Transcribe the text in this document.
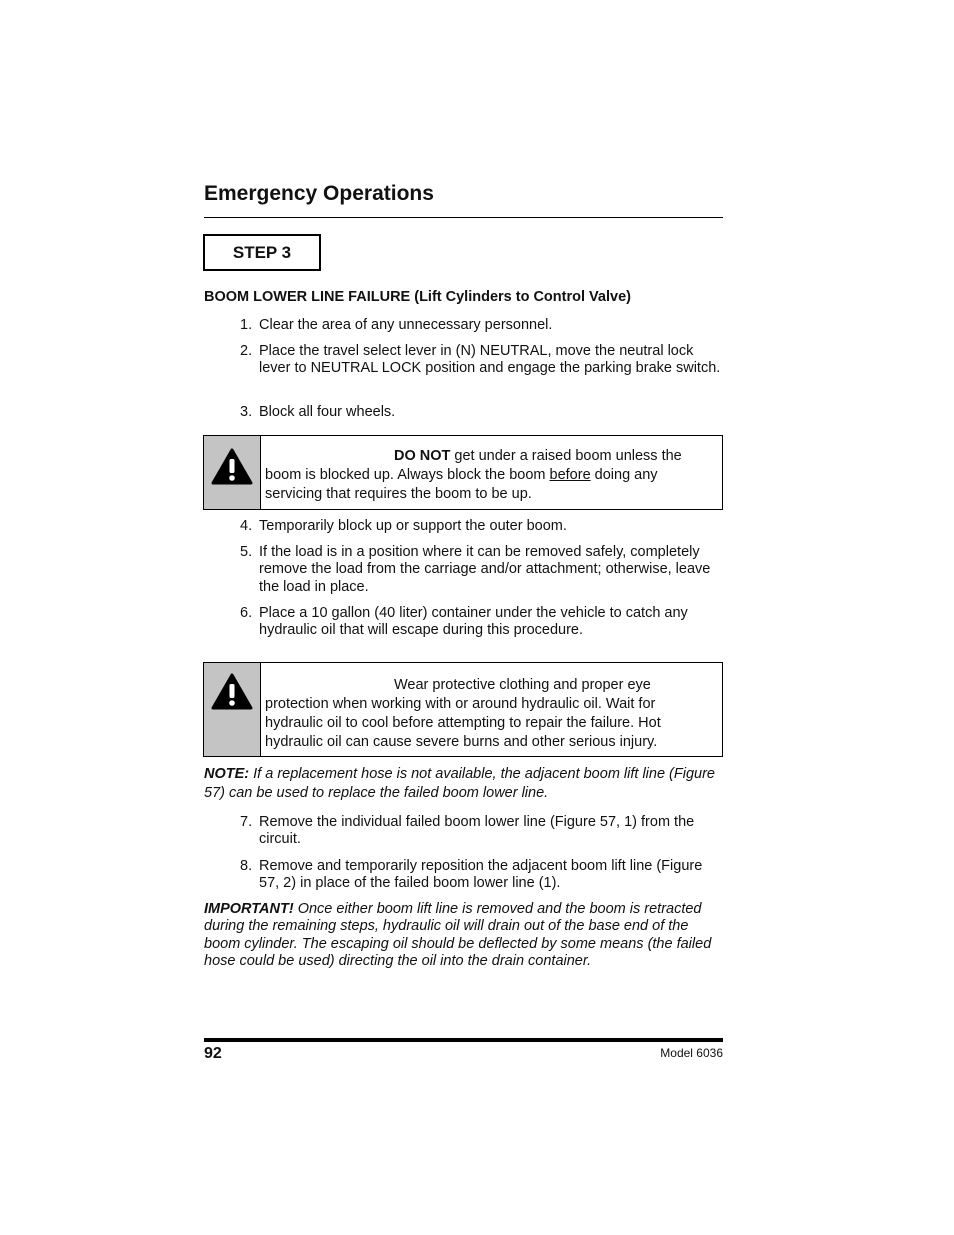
Emergency Operations
STEP 3
BOOM LOWER LINE FAILURE (Lift Cylinders to Control Valve)
1. Clear the area of any unnecessary personnel.
2. Place the travel select lever in (N) NEUTRAL, move the neutral lock lever to NEUTRAL LOCK position and engage the parking brake switch.
3. Block all four wheels.
DO NOT get under a raised boom unless the boom is blocked up. Always block the boom before doing any servicing that requires the boom to be up.
4. Temporarily block up or support the outer boom.
5. If the load is in a position where it can be removed safely, completely remove the load from the carriage and/or attachment; otherwise, leave the load in place.
6. Place a 10 gallon (40 liter) container under the vehicle to catch any hydraulic oil that will escape during this procedure.
Wear protective clothing and proper eye protection when working with or around hydraulic oil. Wait for hydraulic oil to cool before attempting to repair the failure. Hot hydraulic oil can cause severe burns and other serious injury.
NOTE: If a replacement hose is not available, the adjacent boom lift line (Figure 57) can be used to replace the failed boom lower line.
7. Remove the individual failed boom lower line (Figure 57, 1) from the circuit.
8. Remove and temporarily reposition the adjacent boom lift line (Figure 57, 2) in place of the failed boom lower line (1).
IMPORTANT! Once either boom lift line is removed and the boom is retracted during the remaining steps, hydraulic oil will drain out of the base end of the boom cylinder. The escaping oil should be deflected by some means (the failed hose could be used) directing the oil into the drain container.
92	Model 6036
